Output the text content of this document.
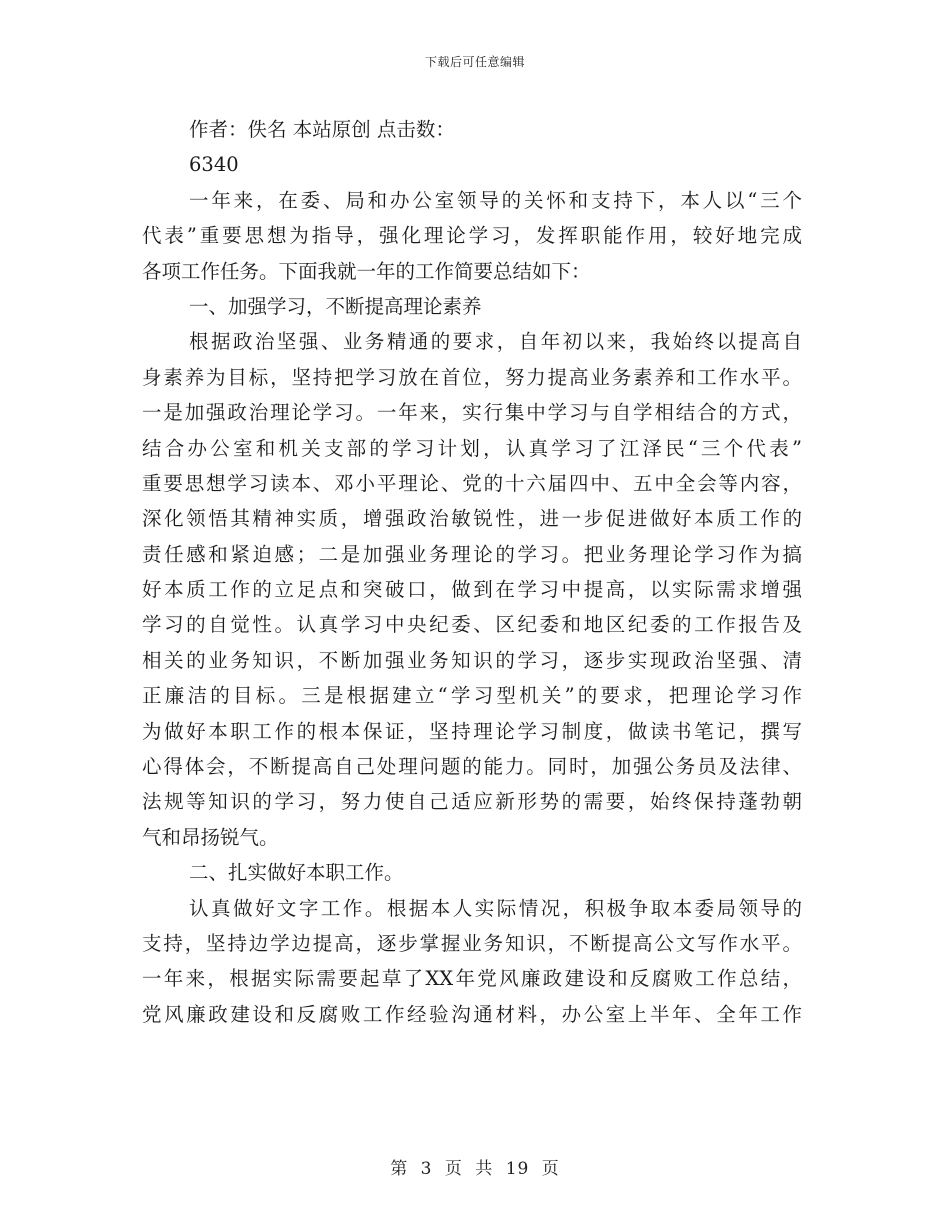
下载后可任意编辑
作者：佚名 本站原创 点击数：
6340
一年来，在委、局和办公室领导的关怀和支持下，本人以“三个
代表”重要思想为指导，强化理论学习，发挥职能作用，较好地完成
各项工作任务。下面我就一年的工作简要总结如下：
一、加强学习，不断提高理论素养
根据政治坚强、业务精通的要求，自年初以来，我始终以提高自
身素养为目标，坚持把学习放在首位，努力提高业务素养和工作水平。
一是加强政治理论学习。一年来，实行集中学习与自学相结合的方式，
结合办公室和机关支部的学习计划，认真学习了江泽民“三个代表”
重要思想学习读本、邓小平理论、党的十六届四中、五中全会等内容，
深化领悟其精神实质，增强政治敏锐性，进一步促进做好本质工作的
责任感和紧迫感；二是加强业务理论的学习。把业务理论学习作为搞
好本质工作的立足点和突破口，做到在学习中提高，以实际需求增强
学习的自觉性。认真学习中央纪委、区纪委和地区纪委的工作报告及
相关的业务知识，不断加强业务知识的学习，逐步实现政治坚强、清
正廉洁的目标。三是根据建立“学习型机关”的要求，把理论学习作
为做好本职工作的根本保证，坚持理论学习制度，做读书笔记，撰写
心得体会，不断提高自己处理问题的能力。同时，加强公务员及法律、
法规等知识的学习，努力使自己适应新形势的需要，始终保持蓬勃朝
气和昂扬锐气。
二、扎实做好本职工作。
认真做好文字工作。根据本人实际情况，积极争取本委局领导的
支持，坚持边学边提高，逐步掌握业务知识，不断提高公文写作水平。
一年来，根据实际需要起草了XX年党风廉政建设和反腐败工作总结，
党风廉政建设和反腐败工作经验沟通材料，办公室上半年、全年工作
第 3 页 共 19 页
